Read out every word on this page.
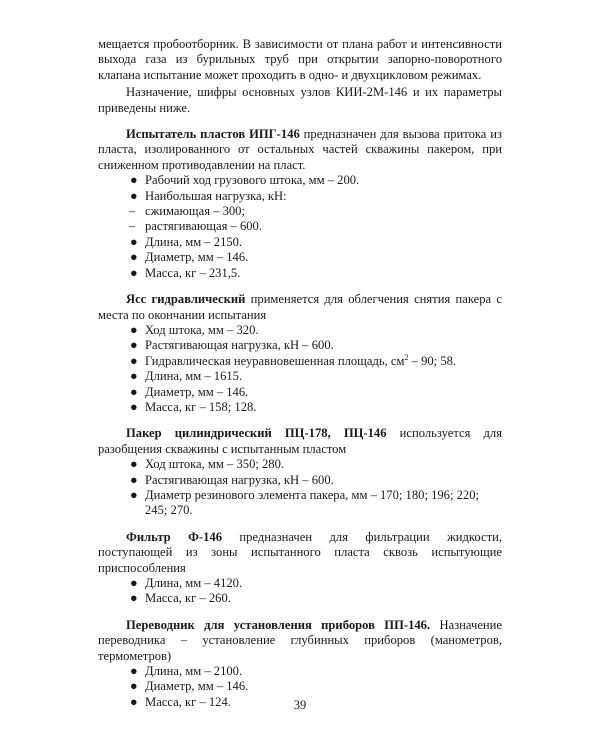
мещается пробоотборник. В зависимости от плана работ и интенсивности выхода газа из бурильных труб при открытии запорно-поворотного клапана испытание может проходить в одно- и двухцикловом режимах.

Назначение, шифры основных узлов КИИ-2М-146 и их параметры приведены ниже.

Испытатель пластов ИПГ-146 предназначен для вызова притока из пласта, изолированного от остальных частей скважины пакером, при сниженном противодавлении на пласт.

● Рабочий ход грузового штока, мм – 200.
● Наибольшая нагрузка, кН:
– сжимающая – 300;
– растягивающая – 600.
● Длина, мм – 2150.
● Диаметр, мм – 146.
● Масса, кг – 231,5.

Ясс гидравлический применяется для облегчения снятия пакера с места по окончании испытания

● Ход штока, мм – 320.
● Растягивающая нагрузка, кН – 600.
● Гидравлическая неуравновешенная площадь, $см^2 - 90$; 58.
● Длина, мм – 1615.
● Диаметр, мм – 146.
● Масса, кг – 158; 128.

Пакер цилиндрический ПЦ-178, ПЦ-146 используется для разобщения скважины с испытанным пластом

● Ход штока, мм – 350; 280.
● Растягивающая нагрузка, кН – 600.
● Диаметр резинового элемента пакера, мм – 170; 180; 196; 220;
245; 270.

Фильтр Ф-146 предназначен для фильтрации жидкости, поступающей из зоны испытанного пласта сквозь испытующие приспособления

● Длина, мм – 4120.
● Масса, кг – 260.

Переводник для установления приборов ПП-146. Назначение переводника – установление глубинных приборов (манометров, термометров)

● Длина, мм – 2100.
● Диаметр, мм – 146.
● Масса, кг – 124.	39
